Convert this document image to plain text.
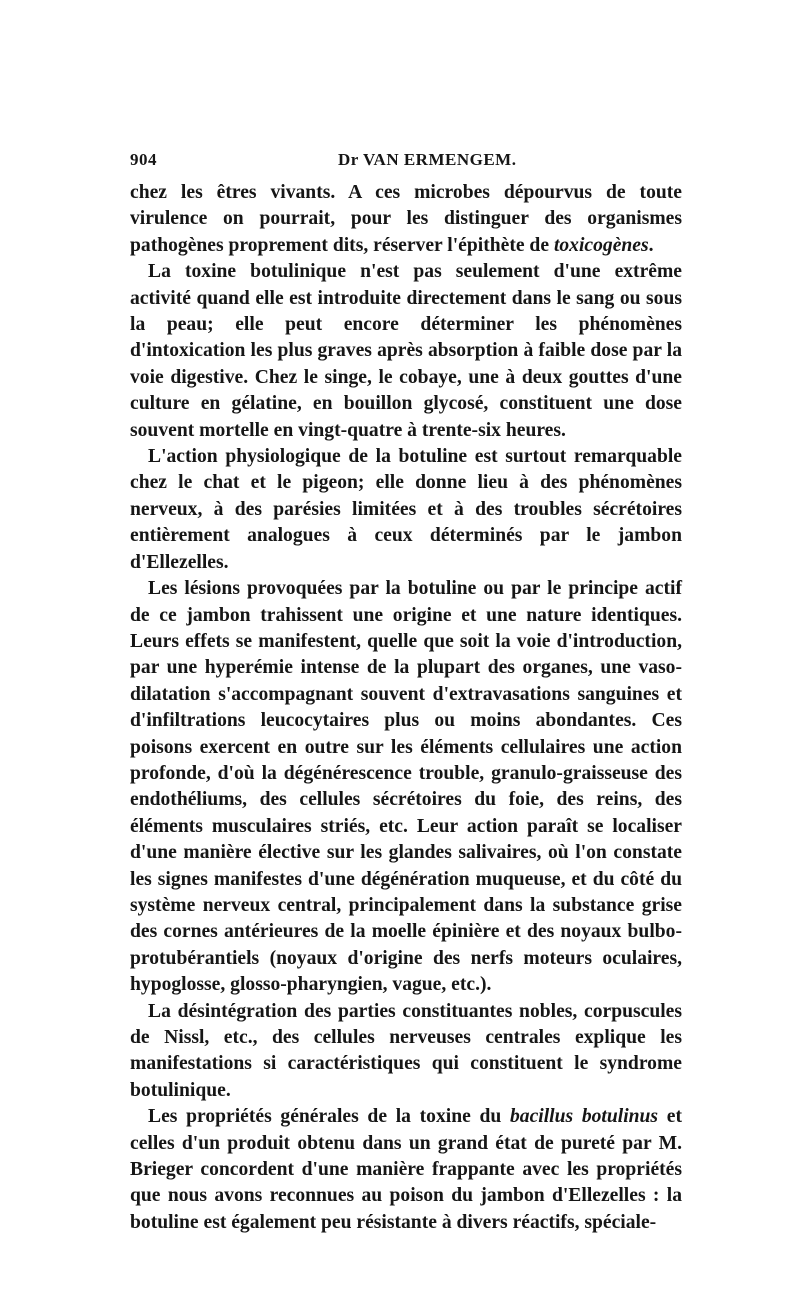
904	Dr VAN ERMENGEM.

chez les êtres vivants. A ces microbes dépourvus de toute virulence on pourrait, pour les distinguer des organismes pathogènes proprement dits, réserver l'épithète de toxicogènes.

La toxine botulinique n'est pas seulement d'une extrême activité quand elle est introduite directement dans le sang ou sous la peau; elle peut encore déterminer les phénomènes d'intoxication les plus graves après absorption à faible dose par la voie digestive. Chez le singe, le cobaye, une à deux gouttes d'une culture en gélatine, en bouillon glycosé, constituent une dose souvent mortelle en vingt-quatre à trente-six heures.

L'action physiologique de la botuline est surtout remarquable chez le chat et le pigeon; elle donne lieu à des phénomènes nerveux, à des parésies limitées et à des troubles sécrétoires entièrement analogues à ceux déterminés par le jambon d'Ellezelles.

Les lésions provoquées par la botuline ou par le principe actif de ce jambon trahissent une origine et une nature identiques. Leurs effets se manifestent, quelle que soit la voie d'introduction, par une hyperémie intense de la plupart des organes, une vaso-dilatation s'accompagnant souvent d'extravasations sanguines et d'infiltrations leucocytaires plus ou moins abondantes. Ces poisons exercent en outre sur les éléments cellulaires une action profonde, d'où la dégénérescence trouble, granulo-graisseuse des endothéliums, des cellules sécrétoires du foie, des reins, des éléments musculaires striés, etc. Leur action paraît se localiser d'une manière élective sur les glandes salivaires, où l'on constate les signes manifestes d'une dégénération muqueuse, et du côté du système nerveux central, principalement dans la substance grise des cornes antérieures de la moelle épinière et des noyaux bulbo-protubérantiels (noyaux d'origine des nerfs moteurs oculaires, hypoglosse, glosso-pharyngien, vague, etc.).

La désintégration des parties constituantes nobles, corpuscules de Nissl, etc., des cellules nerveuses centrales explique les manifestations si caractéristiques qui constituent le syndrome botulinique.

Les propriétés générales de la toxine du bacillus botulinus et celles d'un produit obtenu dans un grand état de pureté par M. Brieger concordent d'une manière frappante avec les propriétés que nous avons reconnues au poison du jambon d'Ellezelles : la botuline est également peu résistante à divers réactifs, spéciale-
